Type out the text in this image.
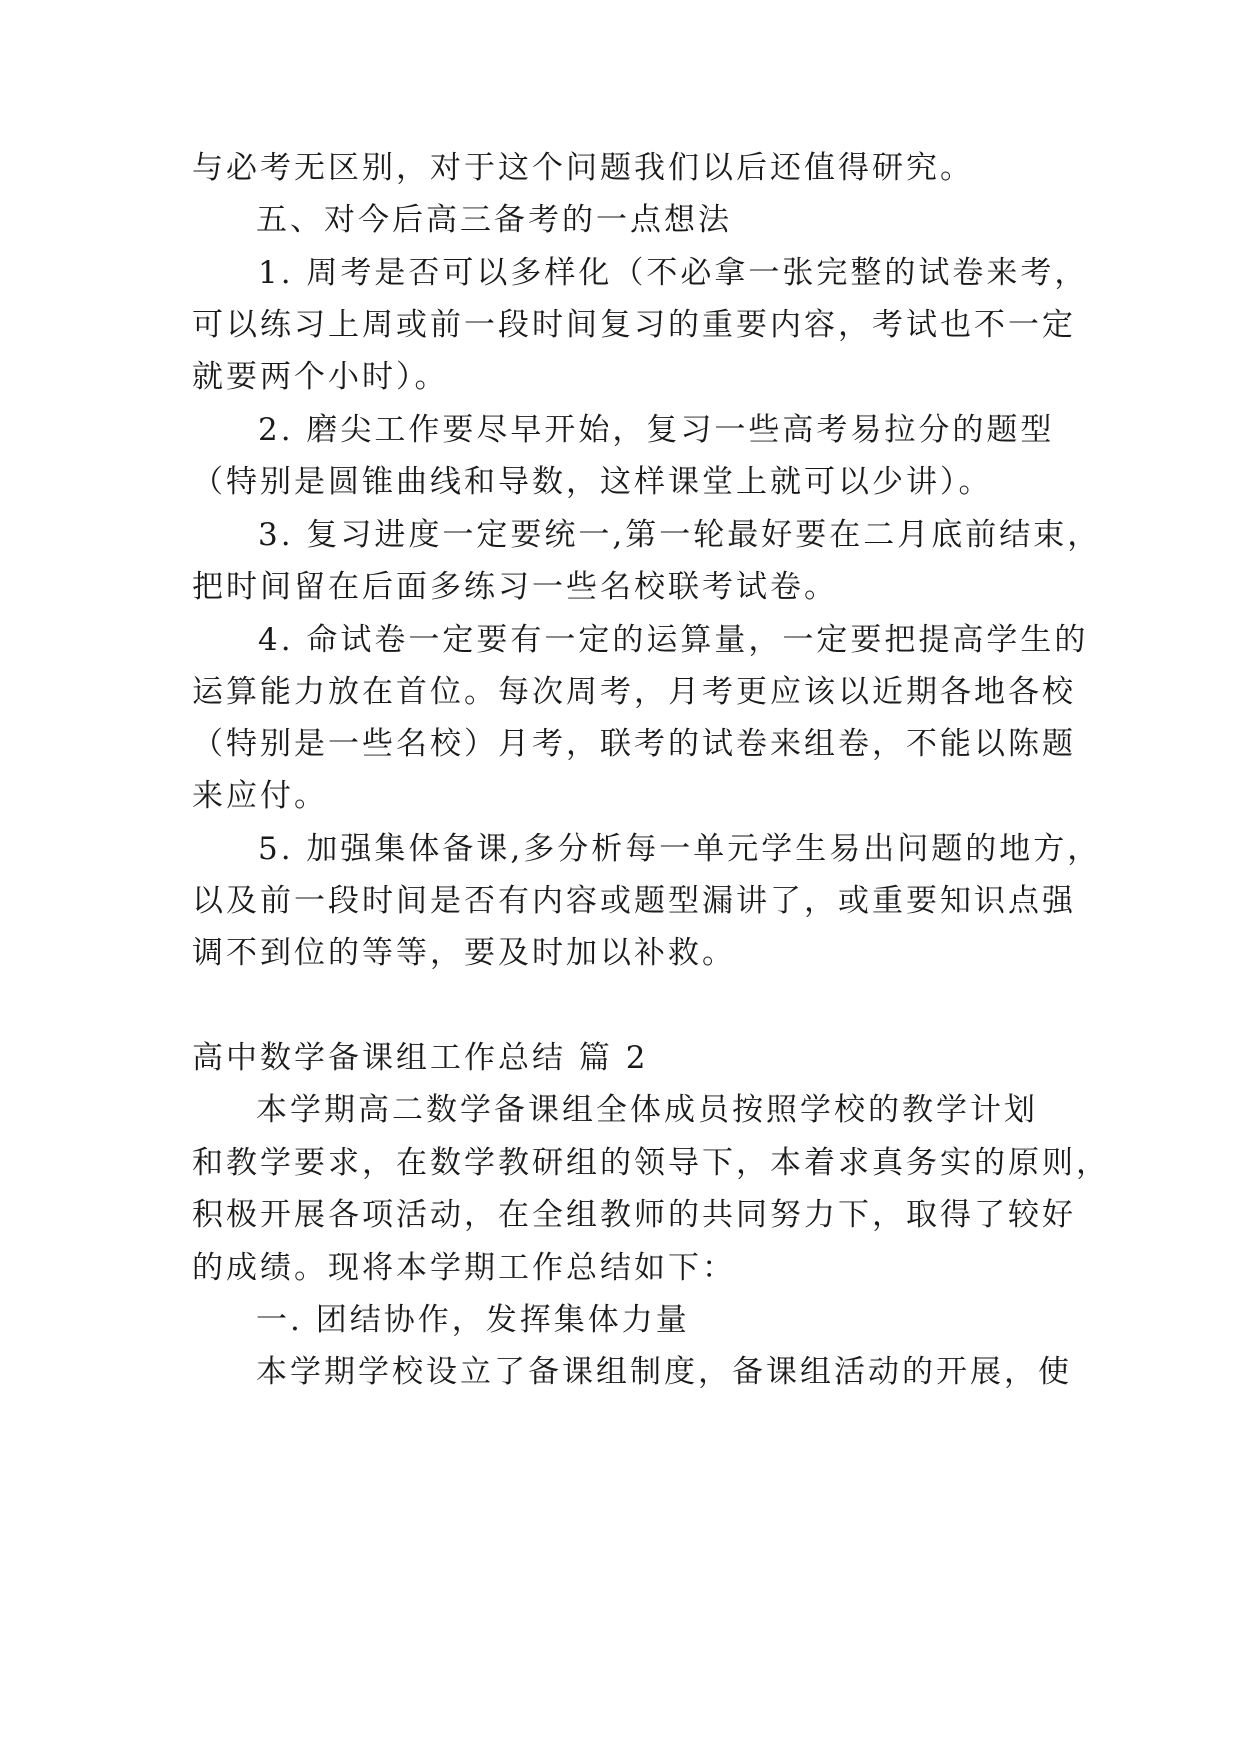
与必考无区别，对于这个问题我们以后还值得研究。
五、对今后高三备考的一点想法
1. 周考是否可以多样化（不必拿一张完整的试卷来考，
可以练习上周或前一段时间复习的重要内容，考试也不一定
就要两个小时）。
2. 磨尖工作要尽早开始，复习一些高考易拉分的题型
（特别是圆锥曲线和导数，这样课堂上就可以少讲）。
3. 复习进度一定要统一,第一轮最好要在二月底前结束，
把时间留在后面多练习一些名校联考试卷。
4. 命试卷一定要有一定的运算量，一定要把提高学生的
运算能力放在首位。每次周考，月考更应该以近期各地各校
（特别是一些名校）月考，联考的试卷来组卷，不能以陈题
来应付。
5. 加强集体备课,多分析每一单元学生易出问题的地方，
以及前一段时间是否有内容或题型漏讲了，或重要知识点强
调不到位的等等，要及时加以补救。
高中数学备课组工作总结 篇 2
本学期高二数学备课组全体成员按照学校的教学计划
和教学要求，在数学教研组的领导下，本着求真务实的原则，
积极开展各项活动，在全组教师的共同努力下，取得了较好
的成绩。现将本学期工作总结如下：
一. 团结协作，发挥集体力量
本学期学校设立了备课组制度，备课组活动的开展，使
